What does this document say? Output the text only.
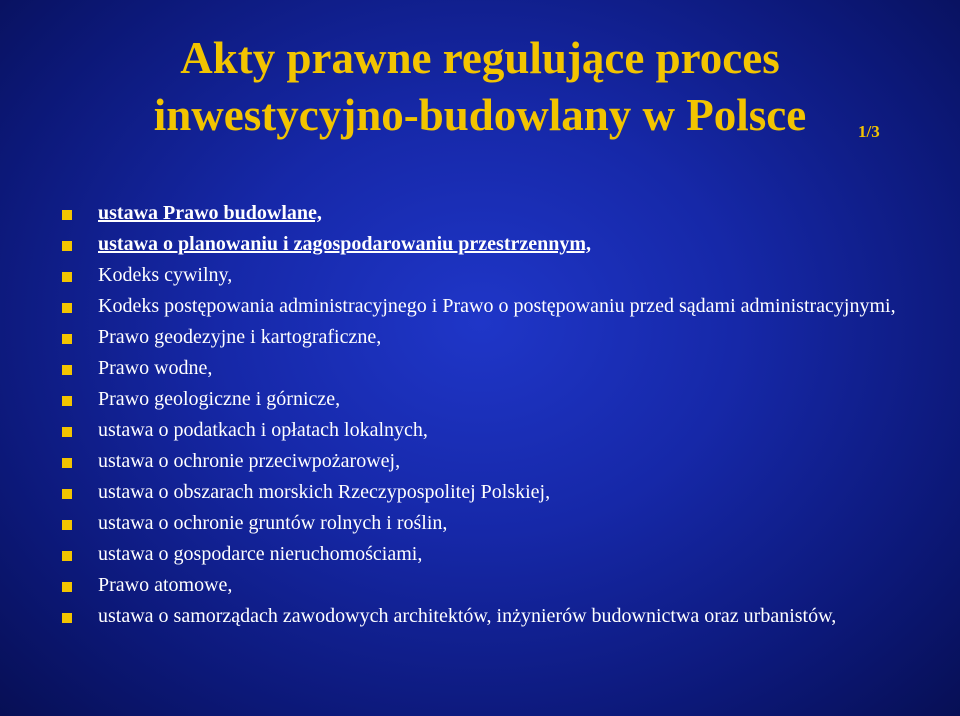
Akty prawne regulujące proces
inwestycyjno-budowlany w Polsce	1/3
ustawa Prawo budowlane,
ustawa o planowaniu i zagospodarowaniu przestrzennym,
Kodeks cywilny,
Kodeks postępowania administracyjnego i Prawo o postępowaniu przed sądami administracyjnymi,
Prawo geodezyjne i kartograficzne,
Prawo wodne,
Prawo geologiczne i górnicze,
ustawa o podatkach i opłatach lokalnych,
ustawa o ochronie przeciwpożarowej,
ustawa o obszarach morskich Rzeczypospolitej Polskiej,
ustawa o ochronie gruntów rolnych i roślin,
ustawa o gospodarce nieruchomościami,
Prawo atomowe,
ustawa o samorządach zawodowych architektów, inżynierów budownictwa oraz urbanistów,
